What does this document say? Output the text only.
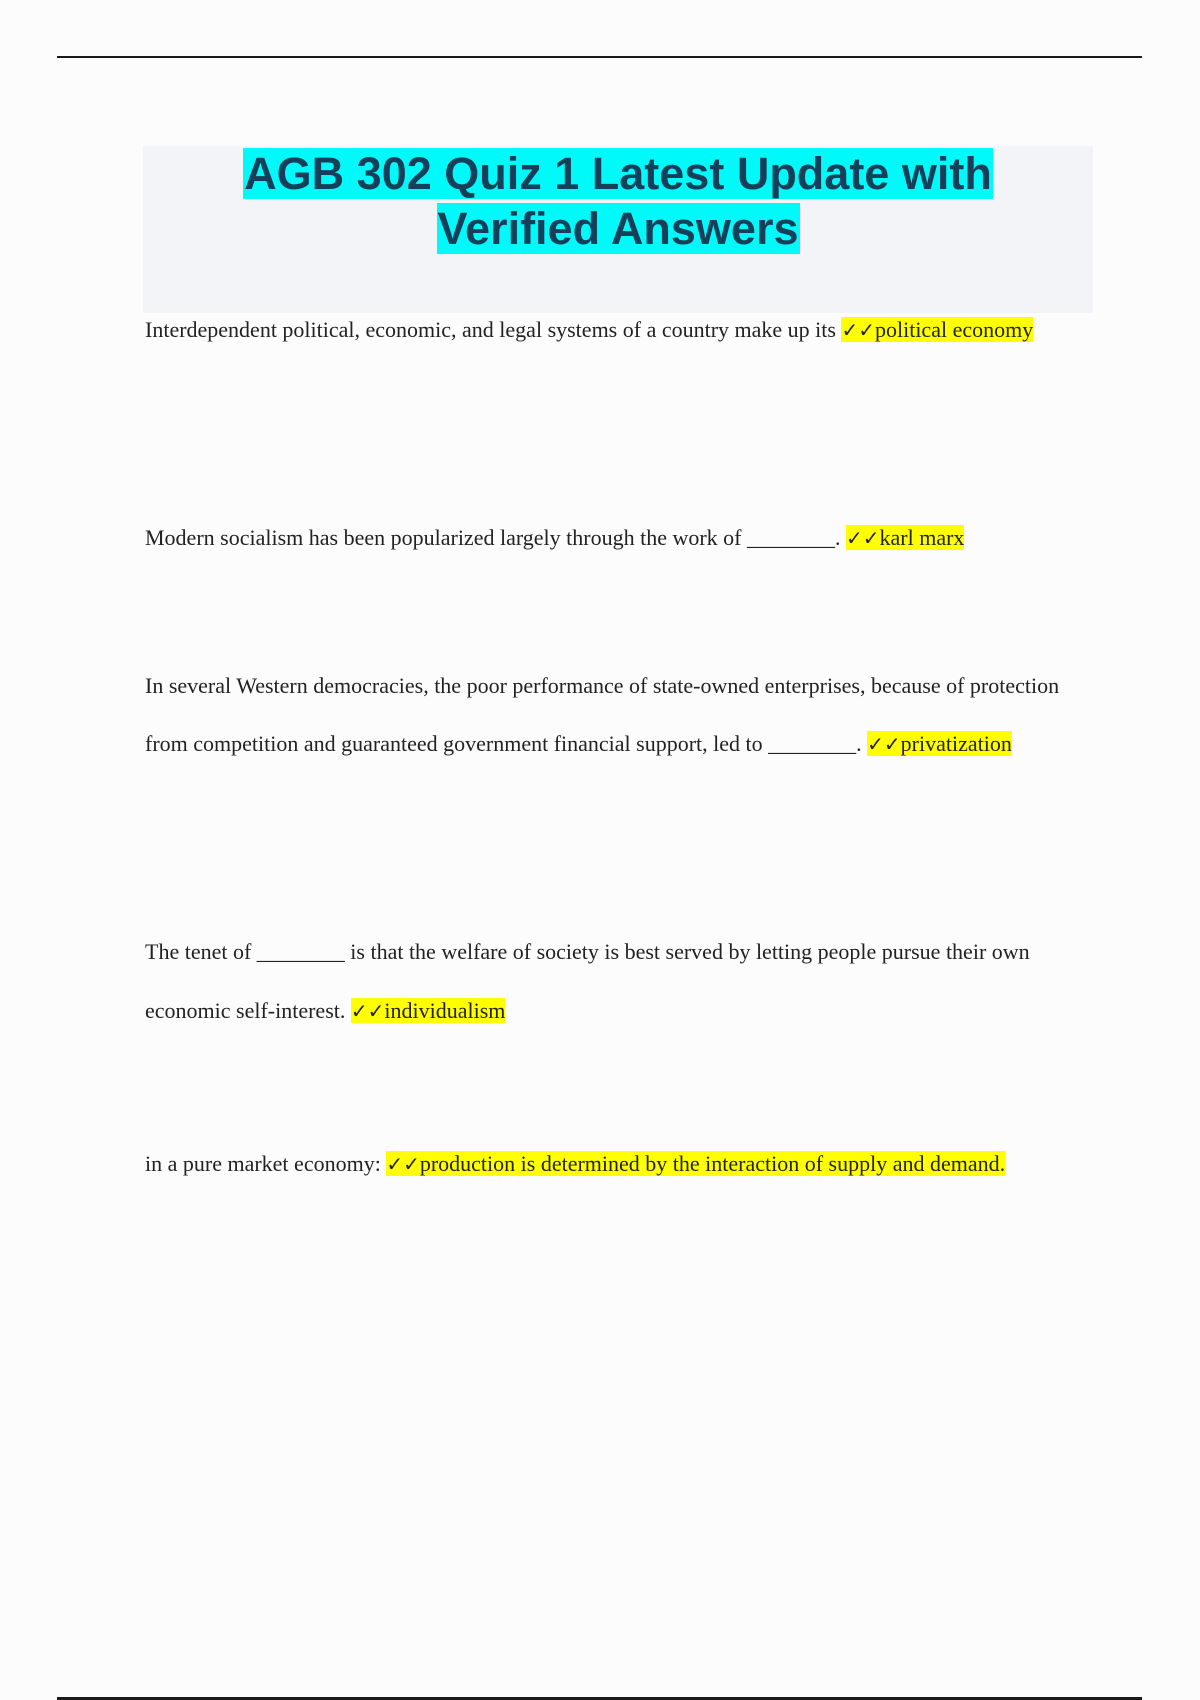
AGB 302 Quiz 1 Latest Update with
Verified Answers
Interdependent political, economic, and legal systems of a country make up its ✓✓political economy
Modern socialism has been popularized largely through the work of ________. ✓✓karl marx
In several Western democracies, the poor performance of state-owned enterprises, because of protection from competition and guaranteed government financial support, led to ________. ✓✓privatization
The tenet of ________ is that the welfare of society is best served by letting people pursue their own economic self-interest. ✓✓individualism
in a pure market economy: ✓✓production is determined by the interaction of supply and demand.
